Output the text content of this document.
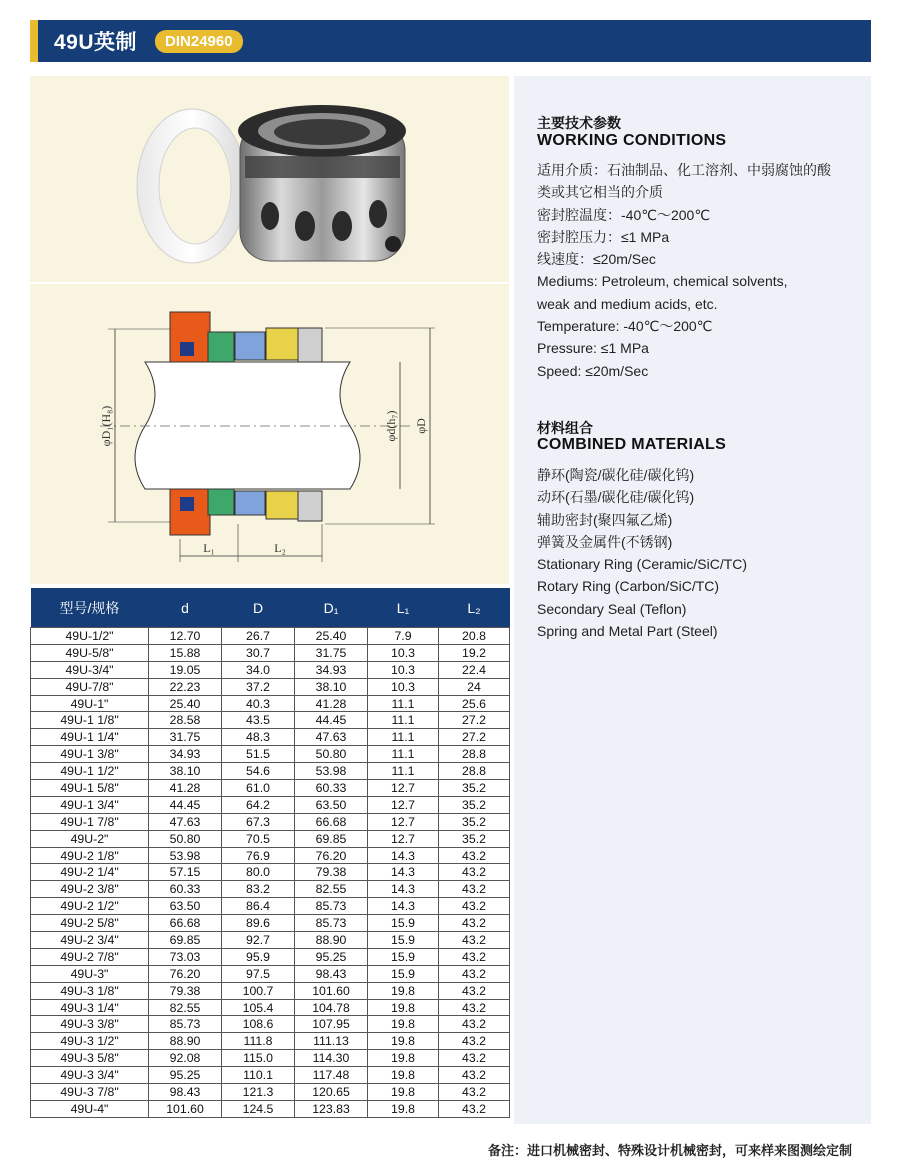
49U英制	DIN24960
φD₁(H₈)	φd(h₇) φD
L₁	L₂
型号/规格	d	D	D₁	L₁	L₂
49U-1/2"	12.70	26.7	25.40	7.9	20.8
49U-5/8"	15.88	30.7	31.75	10.3	19.2
49U-3/4"	19.05	34.0	34.93	10.3	22.4
49U-7/8"	22.23	37.2	38.10	10.3	24
49U-1"	25.40	40.3	41.28	11.1	25.6
49U-1 1/8"	28.58	43.5	44.45	11.1	27.2
49U-1 1/4"	31.75	48.3	47.63	11.1	27.2
49U-1 3/8"	34.93	51.5	50.80	11.1	28.8
49U-1 1/2"	38.10	54.6	53.98	11.1	28.8
49U-1 5/8"	41.28	61.0	60.33	12.7	35.2
49U-1 3/4"	44.45	64.2	63.50	12.7	35.2
49U-1 7/8"	47.63	67.3	66.68	12.7	35.2
49U-2"	50.80	70.5	69.85	12.7	35.2
49U-2 1/8"	53.98	76.9	76.20	14.3	43.2
49U-2 1/4"	57.15	80.0	79.38	14.3	43.2
49U-2 3/8"	60.33	83.2	82.55	14.3	43.2
49U-2 1/2"	63.50	86.4	85.73	14.3	43.2
49U-2 5/8"	66.68	89.6	85.73	15.9	43.2
49U-2 3/4"	69.85	92.7	88.90	15.9	43.2
49U-2 7/8"	73.03	95.9	95.25	15.9	43.2
49U-3"	76.20	97.5	98.43	15.9	43.2
49U-3 1/8"	79.38	100.7	101.60	19.8	43.2
49U-3 1/4"	82.55	105.4	104.78	19.8	43.2
49U-3 3/8"	85.73	108.6	107.95	19.8	43.2
49U-3 1/2"	88.90	111.8	111.13	19.8	43.2
49U-3 5/8"	92.08	115.0	114.30	19.8	43.2
49U-3 3/4"	95.25	110.1	117.48	19.8	43.2
49U-3 7/8"	98.43	121.3	120.65	19.8	43.2
49U-4"	101.60	124.5	123.83	19.8	43.2
主要技术参数
WORKING CONDITIONS
适用介质：石油制品、化工溶剂、中弱腐蚀的酸
类或其它相当的介质
密封腔温度：-40℃～200℃
密封腔压力：≤1 MPa
线速度：≤20m/Sec
Mediums: Petroleum, chemical solvents,
weak and medium acids, etc.
Temperature: -40℃～200℃
Pressure: ≤1 MPa
Speed: ≤20m/Sec
材料组合
COMBINED MATERIALS
静环(陶瓷/碳化硅/碳化钨)
动环(石墨/碳化硅/碳化钨)
辅助密封(聚四氟乙烯)
弹簧及金属件(不锈钢)
Stationary Ring (Ceramic/SiC/TC)
Rotary Ring (Carbon/SiC/TC)
Secondary Seal (Teflon)
Spring and Metal Part (Steel)
备注：进口机械密封、特殊设计机械密封，可来样来图测绘定制
